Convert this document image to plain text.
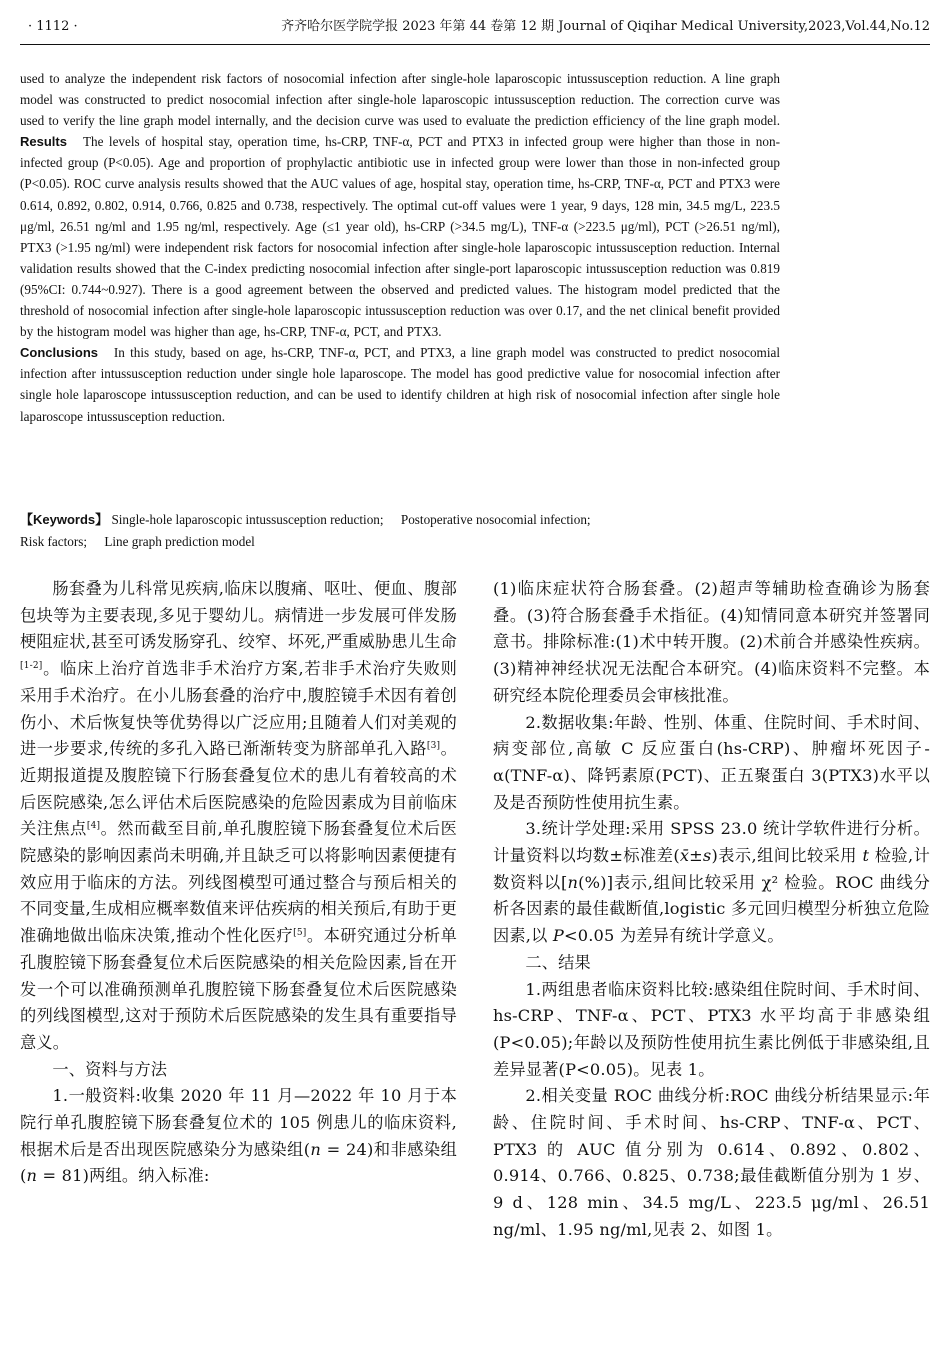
· 1112 ·	齐齐哈尔医学院学报 2023 年第 44 卷第 12 期 Journal of Qiqihar Medical University,2023,Vol.44,No.12
used to analyze the independent risk factors of nosocomial infection after single-hole laparoscopic intussusception reduction. A line graph model was constructed to predict nosocomial infection after single-hole laparoscopic intussusception reduction. The correction curve was used to verify the line graph model internally, and the decision curve was used to evaluate the prediction efficiency of the line graph model. Results The levels of hospital stay, operation time, hs-CRP, TNF-α, PCT and PTX3 in infected group were higher than those in non-infected group (P<0.05). Age and proportion of prophylactic antibiotic use in infected group were lower than those in non-infected group (P<0.05). ROC curve analysis results showed that the AUC values of age, hospital stay, operation time, hs-CRP, TNF-α, PCT and PTX3 were 0.614, 0.892, 0.802, 0.914, 0.766, 0.825 and 0.738, respectively. The optimal cut-off values were 1 year, 9 days, 128 min, 34.5 mg/L, 223.5 μg/ml, 26.51 ng/ml and 1.95 ng/ml, respectively. Age (≤1 year old), hs-CRP (>34.5 mg/L), TNF-α (>223.5 μg/ml), PCT (>26.51 ng/ml), PTX3 (>1.95 ng/ml) were independent risk factors for nosocomial infection after single-hole laparoscopic intussusception reduction. Internal validation results showed that the C-index predicting nosocomial infection after single-port laparoscopic intussusception reduction was 0.819 (95%CI: 0.744~0.927). There is a good agreement between the observed and predicted values. The histogram model predicted that the threshold of nosocomial infection after single-hole laparoscopic intussusception reduction was over 0.17, and the net clinical benefit provided by the histogram model was higher than age, hs-CRP, TNF-α, PCT, and PTX3.
Conclusions In this study, based on age, hs-CRP, TNF-α, PCT, and PTX3, a line graph model was constructed to predict nosocomial infection after intussusception reduction under single hole laparoscope. The model has good predictive value for nosocomial infection after single hole laparoscope intussusception reduction, and can be used to identify children at high risk of nosocomial infection after single hole laparoscope intussusception reduction.
【Keywords】 Single-hole laparoscopic intussusception reduction; Postoperative nosocomial infection;
Risk factors; Line graph prediction model

肠套叠为儿科常见疾病,临床以腹痛、呕吐、便血、腹部包块等为主要表现,多见于婴幼儿。病情进一步发展可伴发肠梗阻症状,甚至可诱发肠穿孔、绞窄、坏死,严重威胁患儿生命[1-2]。临床上治疗首选非手术治疗方案,若非手术治疗失败则采用手术治疗。在小儿肠套叠的治疗中,腹腔镜手术因有着创伤小、术后恢复快等优势得以广泛应用;且随着人们对美观的进一步要求,传统的多孔入路已渐渐转变为脐部单孔入路[3]。近期报道提及腹腔镜下行肠套叠复位术的患儿有着较高的术后医院感染,怎么评估术后医院感染的危险因素成为目前临床关注焦点[4]。然而截至目前,单孔腹腔镜下肠套叠复位术后医院感染的影响因素尚未明确,并且缺乏可以将影响因素便捷有效应用于临床的方法。列线图模型可通过整合与预后相关的不同变量,生成相应概率数值来评估疾病的相关预后,有助于更准确地做出临床决策,推动个性化医疗[5]。本研究通过分析单孔腹腔镜下肠套叠复位术后医院感染的相关危险因素,旨在开发一个可以准确预测单孔腹腔镜下肠套叠复位术后医院感染的列线图模型,这对于预防术后医院感染的发生具有重要指导意义。

一、资料与方法

1.一般资料:收集 2020 年 11 月—2022 年 10 月于本院行单孔腹腔镜下肠套叠复位术的 105 例患儿的临床资料,根据术后是否出现医院感染分为感染组(n = 24)和非感染组(n = 81)两组。纳入标准:

(1)临床症状符合肠套叠。(2)超声等辅助检查确诊为肠套叠。(3)符合肠套叠手术指征。(4)知情同意本研究并签署同意书。排除标准:(1)术中转开腹。(2)术前合并感染性疾病。(3)精神神经状况无法配合本研究。(4)临床资料不完整。本研究经本院伦理委员会审核批准。

2.数据收集:年龄、性别、体重、住院时间、手术时间、病变部位,高敏 C 反应蛋白(hs-CRP)、肿瘤坏死因子-α(TNF-α)、降钙素原(PCT)、正五聚蛋白 3(PTX3)水平以及是否预防性使用抗生素。

3.统计学处理:采用 SPSS 23.0 统计学软件进行分析。计量资料以均数±标准差(x̄±s)表示,组间比较采用 t 检验,计数资料以[n(%)]表示,组间比较采用 χ² 检验。ROC 曲线分析各因素的最佳截断值,logistic 多元回归模型分析独立危险因素,以 P<0.05 为差异有统计学意义。

二、结果

1.两组患者临床资料比较:感染组住院时间、手术时间、hs-CRP、TNF-α、PCT、PTX3 水平均高于非感染组(P<0.05);年龄以及预防性使用抗生素比例低于非感染组,且差异显著(P<0.05)。见表 1。

2.相关变量 ROC 曲线分析:ROC 曲线分析结果显示:年龄、住院时间、手术时间、hs-CRP、TNF-α、PCT、PTX3 的 AUC 值分别为 0.614、0.892、0.802、0.914、0.766、0.825、0.738;最佳截断值分别为 1 岁、9 d、128 min、34.5 mg/L、223.5 μg/ml、26.51 ng/ml、1.95 ng/ml,见表 2、如图 1。
